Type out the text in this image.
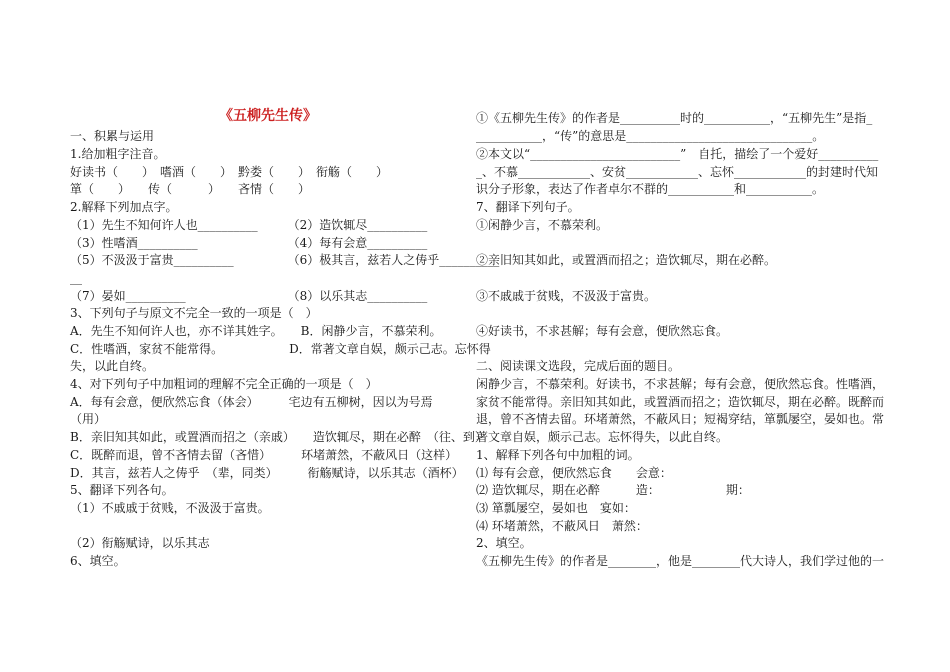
《五柳先生传》
一、积累与运用
1.给加粗字注音。
好读书（　　）　嗜酒（　　）　黔娄（　　）　衔觞（　　）
箪（　　）　　传（　　　）　　吝情（　　）
2.解释下列加点字。
（1）先生不知何许人也__________　　　（2）造饮辄尽__________
（3）性嗜酒__________　　　　　　　　（4）每有会意__________
（5）不汲汲于富贵__________　　　　　（6）极其言，兹若人之俦乎__________
__
（7）晏如__________　　　　　　　　　（8）以乐其志__________
3、下列句子与原文不完全一致的一项是（　）
A．先生不知何许人也，亦不详其姓字。　　B．闲静少言，不慕荣利。
C．性嗜酒，家贫不能常得。　　　　　　D．常著文章自娱，颇示己志。忘怀得
失，以此自终。
4、对下列句子中加粗词的理解不完全正确的一项是（　）
A．每有会意，便欣然忘食（体会）　　　宅边有五柳树，因以为号焉
（用）
B．亲旧知其如此，或置酒而招之（亲戚）　　造饮辄尽，期在必醉　（往、到）
C．既醉而退，曾不吝情去留（吝惜）　　　环堵萧然，不蔽风日（这样）
D．其言，兹若人之俦乎　（辈，同类）　　　衔觞赋诗，以乐其志（酒杯）
5、翻译下列各句。
（1）不戚戚于贫贱，不汲汲于富贵。
（2）衔觞赋诗，以乐其志
6、填空。
①《五柳先生传》的作者是__________时的___________，“五柳先生”是指_
___________，“传”的意思是_______________________________。
②本文以“_________________________”　自托，描绘了一个爱好__________
_、不慕____________、安贫____________、忘怀____________的封建时代知
识分子形象，表达了作者卓尔不群的___________和___________。
7、翻译下列句子。
①闲静少言，不慕荣利。
②亲旧知其如此，或置酒而招之；造饮辄尽，期在必醉。
③不戚戚于贫贱，不汲汲于富贵。
④好读书，不求甚解；每有会意，便欣然忘食。
二、阅读课文选段，完成后面的题目。
闲静少言，不慕荣利。好读书，不求甚解；每有会意，便欣然忘食。性嗜酒，
家贫不能常得。亲旧知其如此，或置酒而招之；造饮辄尽，期在必醉。既醉而
退，曾不吝情去留。环堵萧然，不蔽风日；短褐穿结，箪瓢屡空，晏如也。常
著文章自娱，颇示己志。忘怀得失，以此自终。
1、解释下列各句中加粗的词。
⑴ 每有会意，便欣然忘食　　会意：
⑵ 造饮辄尽，期在必醉　　　造：　　　　　　期：
⑶ 箪瓢屡空，晏如也　宴如：
⑷ 环堵萧然，不蔽风日　萧然：
2、填空。
《五柳先生传》的作者是________，他是________代大诗人，我们学过他的一
